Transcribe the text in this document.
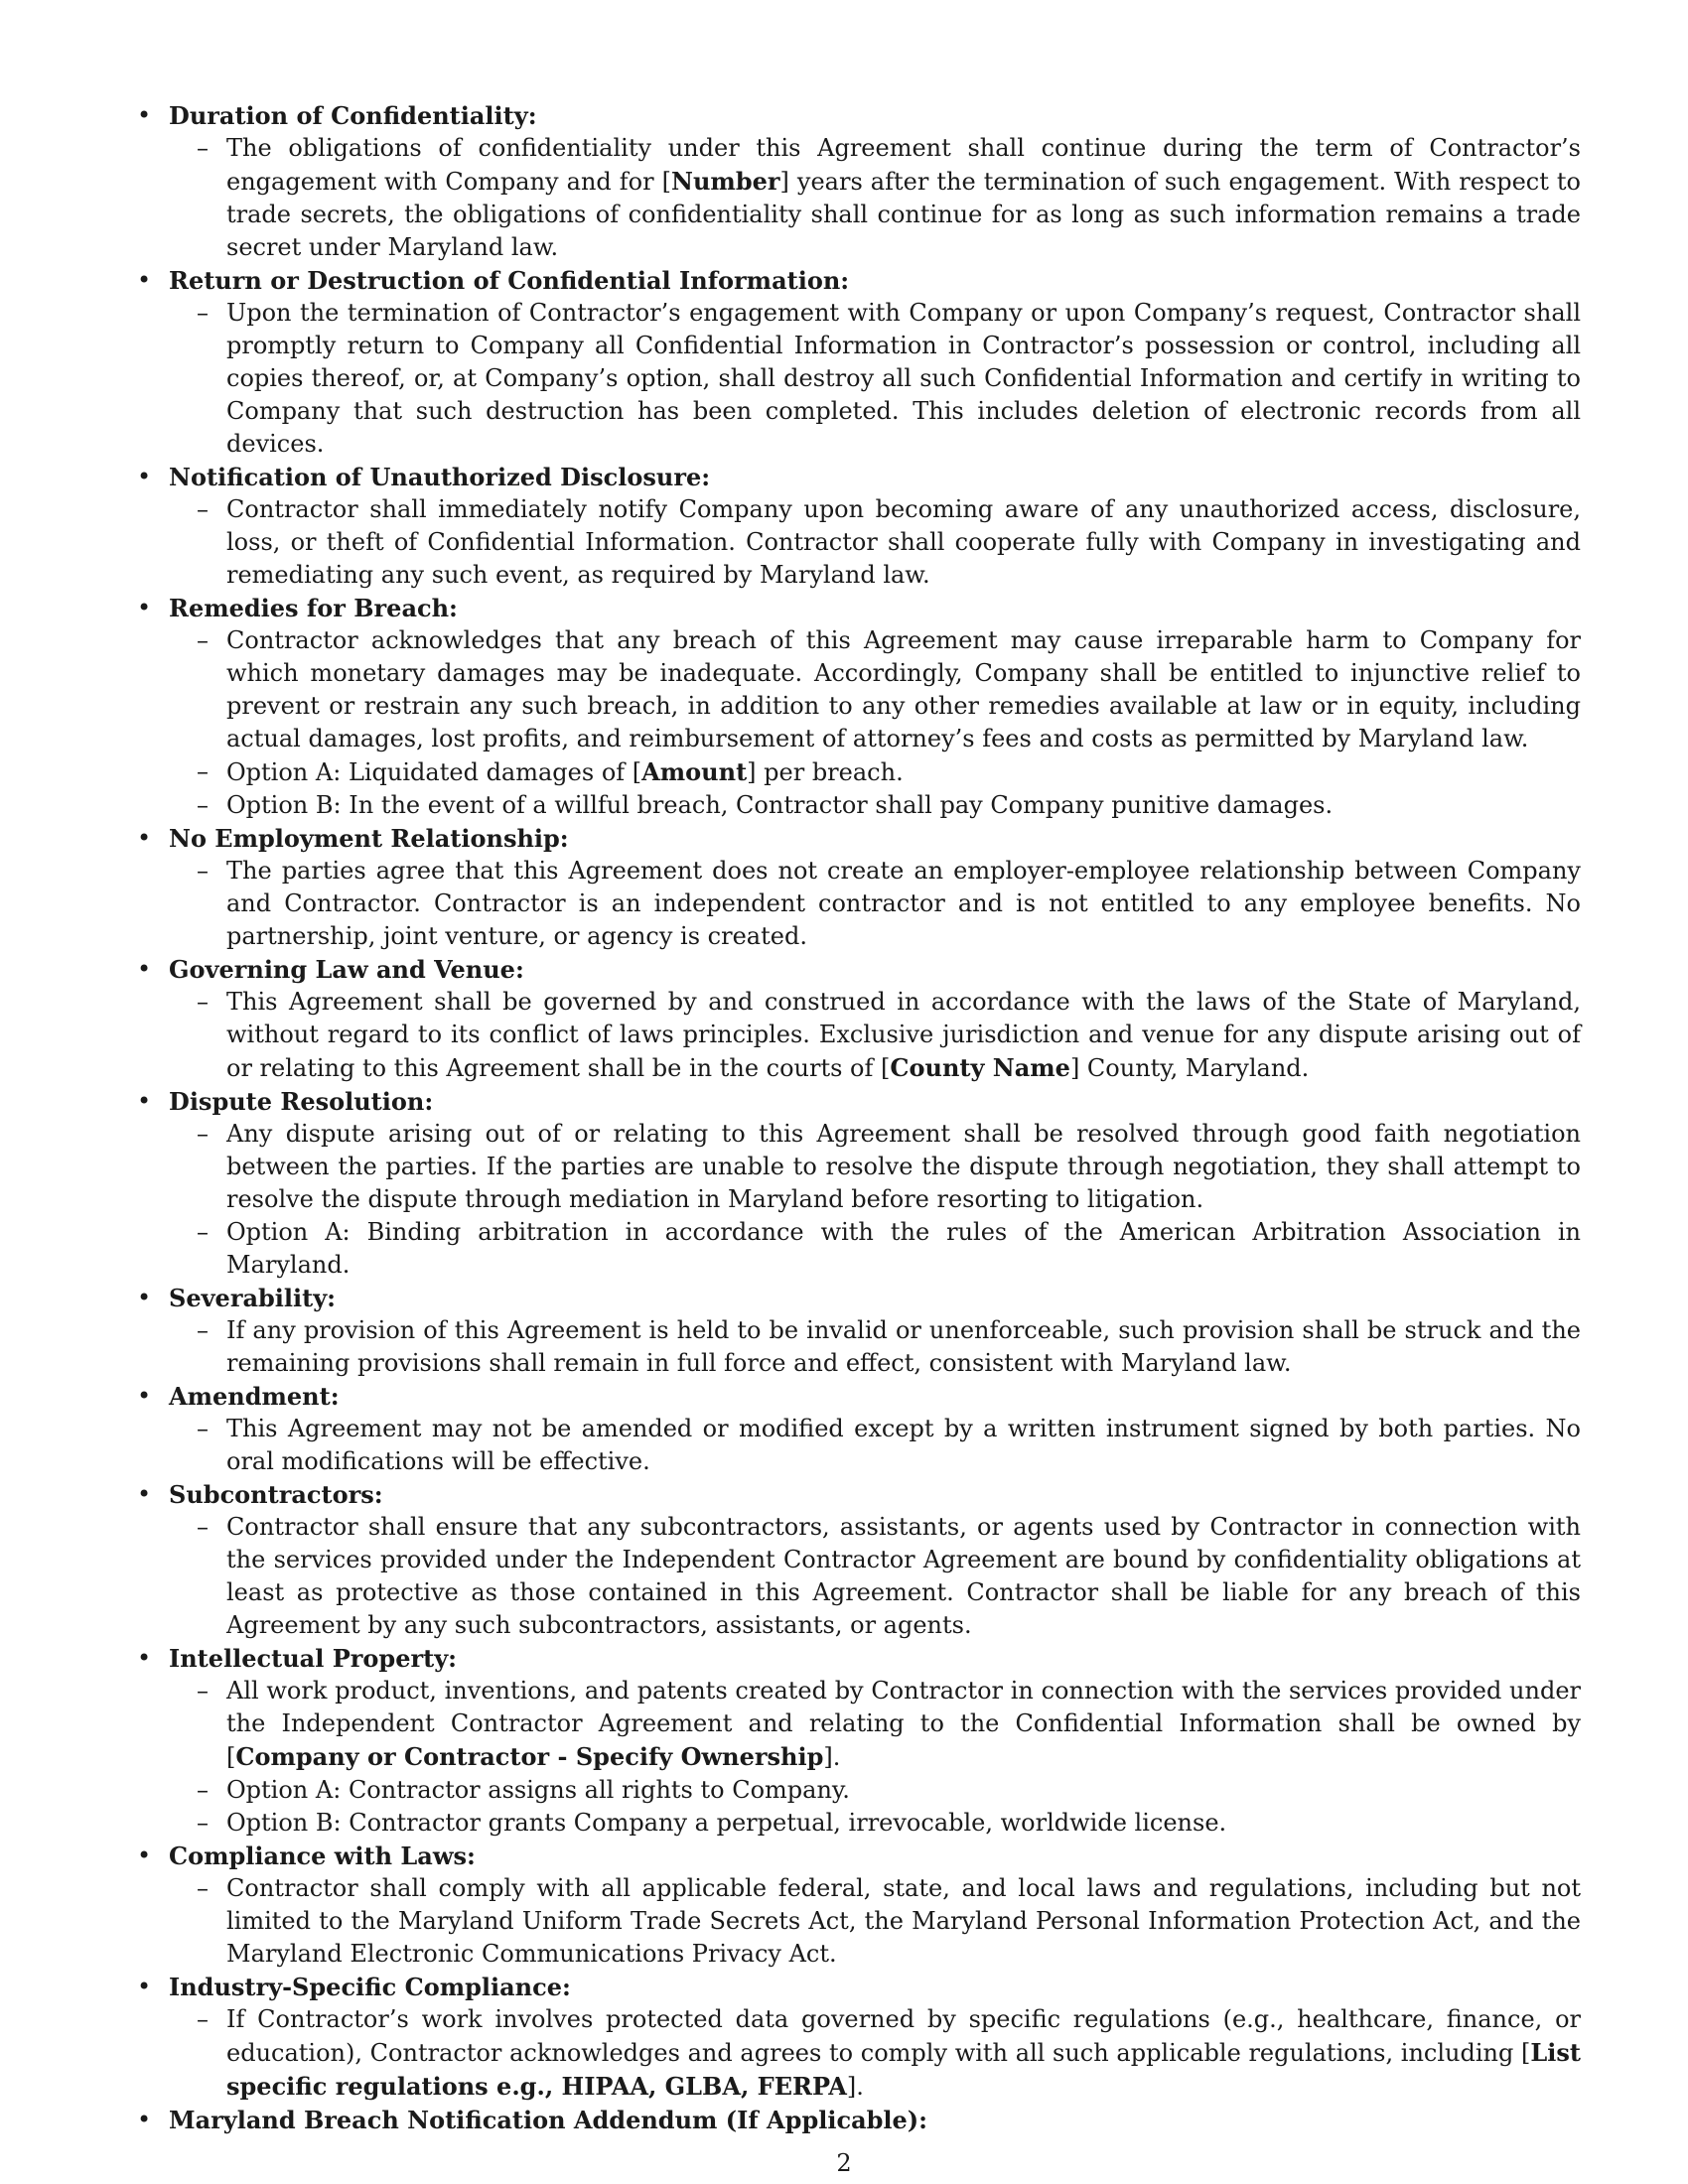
• Duration of Confidentiality:
– The obligations of confidentiality under this Agreement shall continue during the term of Contractor’s engagement with Company and for [Number] years after the termination of such engagement. With respect to trade secrets, the obligations of confidentiality shall continue for as long as such information remains a trade secret under Maryland law.
• Return or Destruction of Confidential Information:
– Upon the termination of Contractor’s engagement with Company or upon Company’s request, Contractor shall promptly return to Company all Confidential Information in Contractor’s possession or control, including all copies thereof, or, at Company’s option, shall destroy all such Confidential Information and certify in writing to Company that such destruction has been completed. This includes deletion of electronic records from all devices.
• Notification of Unauthorized Disclosure:
– Contractor shall immediately notify Company upon becoming aware of any unauthorized access, disclosure, loss, or theft of Confidential Information. Contractor shall cooperate fully with Company in investigating and remediating any such event, as required by Maryland law.
• Remedies for Breach:
– Contractor acknowledges that any breach of this Agreement may cause irreparable harm to Company for which monetary damages may be inadequate. Accordingly, Company shall be entitled to injunctive relief to prevent or restrain any such breach, in addition to any other remedies available at law or in equity, including actual damages, lost profits, and reimbursement of attorney’s fees and costs as permitted by Maryland law.
– Option A: Liquidated damages of [Amount] per breach.
– Option B: In the event of a willful breach, Contractor shall pay Company punitive damages.
• No Employment Relationship:
– The parties agree that this Agreement does not create an employer-employee relationship between Company and Contractor. Contractor is an independent contractor and is not entitled to any employee benefits. No partnership, joint venture, or agency is created.
• Governing Law and Venue:
– This Agreement shall be governed by and construed in accordance with the laws of the State of Maryland, without regard to its conflict of laws principles. Exclusive jurisdiction and venue for any dispute arising out of or relating to this Agreement shall be in the courts of [County Name] County, Maryland.
• Dispute Resolution:
– Any dispute arising out of or relating to this Agreement shall be resolved through good faith negotiation between the parties. If the parties are unable to resolve the dispute through negotiation, they shall attempt to resolve the dispute through mediation in Maryland before resorting to litigation.
– Option A: Binding arbitration in accordance with the rules of the American Arbitration Association in Maryland.
• Severability:
– If any provision of this Agreement is held to be invalid or unenforceable, such provision shall be struck and the remaining provisions shall remain in full force and effect, consistent with Maryland law.
• Amendment:
– This Agreement may not be amended or modified except by a written instrument signed by both parties. No oral modifications will be effective.
• Subcontractors:
– Contractor shall ensure that any subcontractors, assistants, or agents used by Contractor in connection with the services provided under the Independent Contractor Agreement are bound by confidentiality obligations at least as protective as those contained in this Agreement. Contractor shall be liable for any breach of this Agreement by any such subcontractors, assistants, or agents.
• Intellectual Property:
– All work product, inventions, and patents created by Contractor in connection with the services provided under the Independent Contractor Agreement and relating to the Confidential Information shall be owned by [Company or Contractor - Specify Ownership].
– Option A: Contractor assigns all rights to Company.
– Option B: Contractor grants Company a perpetual, irrevocable, worldwide license.
• Compliance with Laws:
– Contractor shall comply with all applicable federal, state, and local laws and regulations, including but not limited to the Maryland Uniform Trade Secrets Act, the Maryland Personal Information Protection Act, and the Maryland Electronic Communications Privacy Act.
• Industry-Specific Compliance:
– If Contractor’s work involves protected data governed by specific regulations (e.g., healthcare, finance, or education), Contractor acknowledges and agrees to comply with all such applicable regulations, including [List specific regulations e.g., HIPAA, GLBA, FERPA].
• Maryland Breach Notification Addendum (If Applicable):
2
